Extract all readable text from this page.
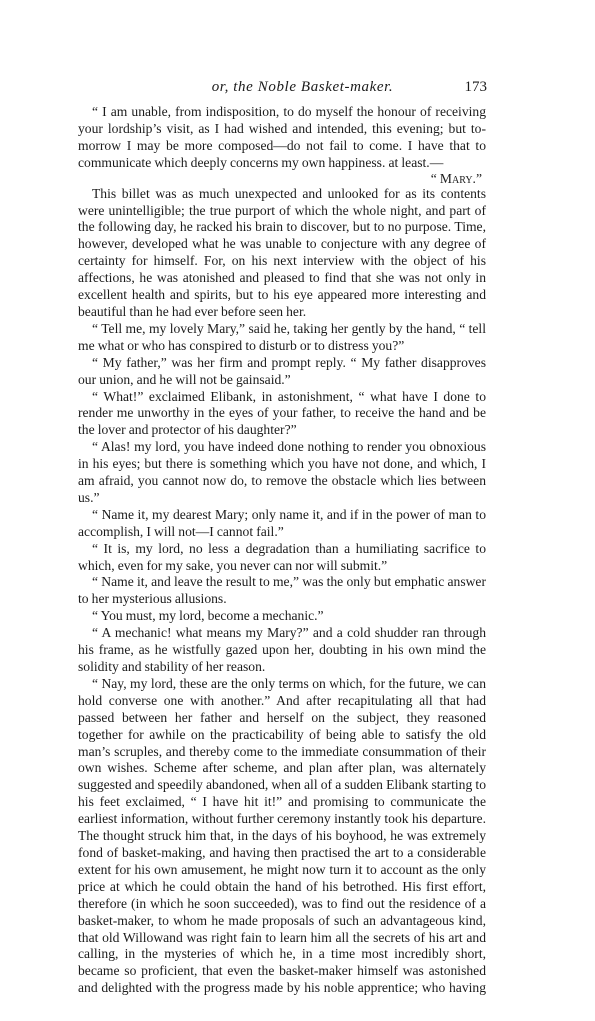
or, the Noble Basket-maker.	173

“ I am unable, from indisposition, to do myself the honour of receiving your lordship’s visit, as I had wished and intended, this evening; but to-morrow I may be more composed—do not fail to come. I have that to communicate which deeply concerns my own happiness. at least.—

“ Mary.”

This billet was as much unexpected and unlooked for as its contents were unintelligible; the true purport of which the whole night, and part of the following day, he racked his brain to discover, but to no purpose. Time, however, developed what he was unable to conjecture with any degree of certainty for himself. For, on his next interview with the object of his affections, he was atonished and pleased to find that she was not only in excellent health and spirits, but to his eye appeared more interesting and beautiful than he had ever before seen her.

“ Tell me, my lovely Mary,” said he, taking her gently by the hand, “ tell me what or who has conspired to disturb or to distress you?”

“ My father,” was her firm and prompt reply. “ My father disapproves our union, and he will not be gainsaid.”

“ What!” exclaimed Elibank, in astonishment, “ what have I done to render me unworthy in the eyes of your father, to receive the hand and be the lover and protector of his daughter?”

“ Alas! my lord, you have indeed done nothing to render you obnoxious in his eyes; but there is something which you have not done, and which, I am afraid, you cannot now do, to remove the obstacle which lies between us.”

“ Name it, my dearest Mary; only name it, and if in the power of man to accomplish, I will not—I cannot fail.”

“ It is, my lord, no less a degradation than a humiliating sacrifice to which, even for my sake, you never can nor will submit.”

“ Name it, and leave the result to me,” was the only but emphatic answer to her mysterious allusions.

“ You must, my lord, become a mechanic.”

“ A mechanic! what means my Mary?” and a cold shudder ran through his frame, as he wistfully gazed upon her, doubting in his own mind the solidity and stability of her reason.

“ Nay, my lord, these are the only terms on which, for the future, we can hold converse one with another.” And after recapitulating all that had passed between her father and herself on the subject, they reasoned together for awhile on the practicability of being able to satisfy the old man’s scruples, and thereby come to the immediate consummation of their own wishes. Scheme after scheme, and plan after plan, was alternately suggested and speedily abandoned, when all of a sudden Elibank starting to his feet exclaimed, “ I have hit it!” and promising to communicate the earliest information, without further ceremony instantly took his departure. The thought struck him that, in the days of his boyhood, he was extremely fond of basket-making, and having then practised the art to a considerable extent for his own amusement, he might now turn it to account as the only price at which he could obtain the hand of his betrothed. His first effort, therefore (in which he soon succeeded), was to find out the residence of a basket-maker, to whom he made proposals of such an advantageous kind, that old Willowand was right fain to learn him all the secrets of his art and calling, in the mysteries of which he, in a time most incredibly short, became so proficient, that even the basket-maker himself was astonished and delighted with the progress made by his noble apprentice; who having
